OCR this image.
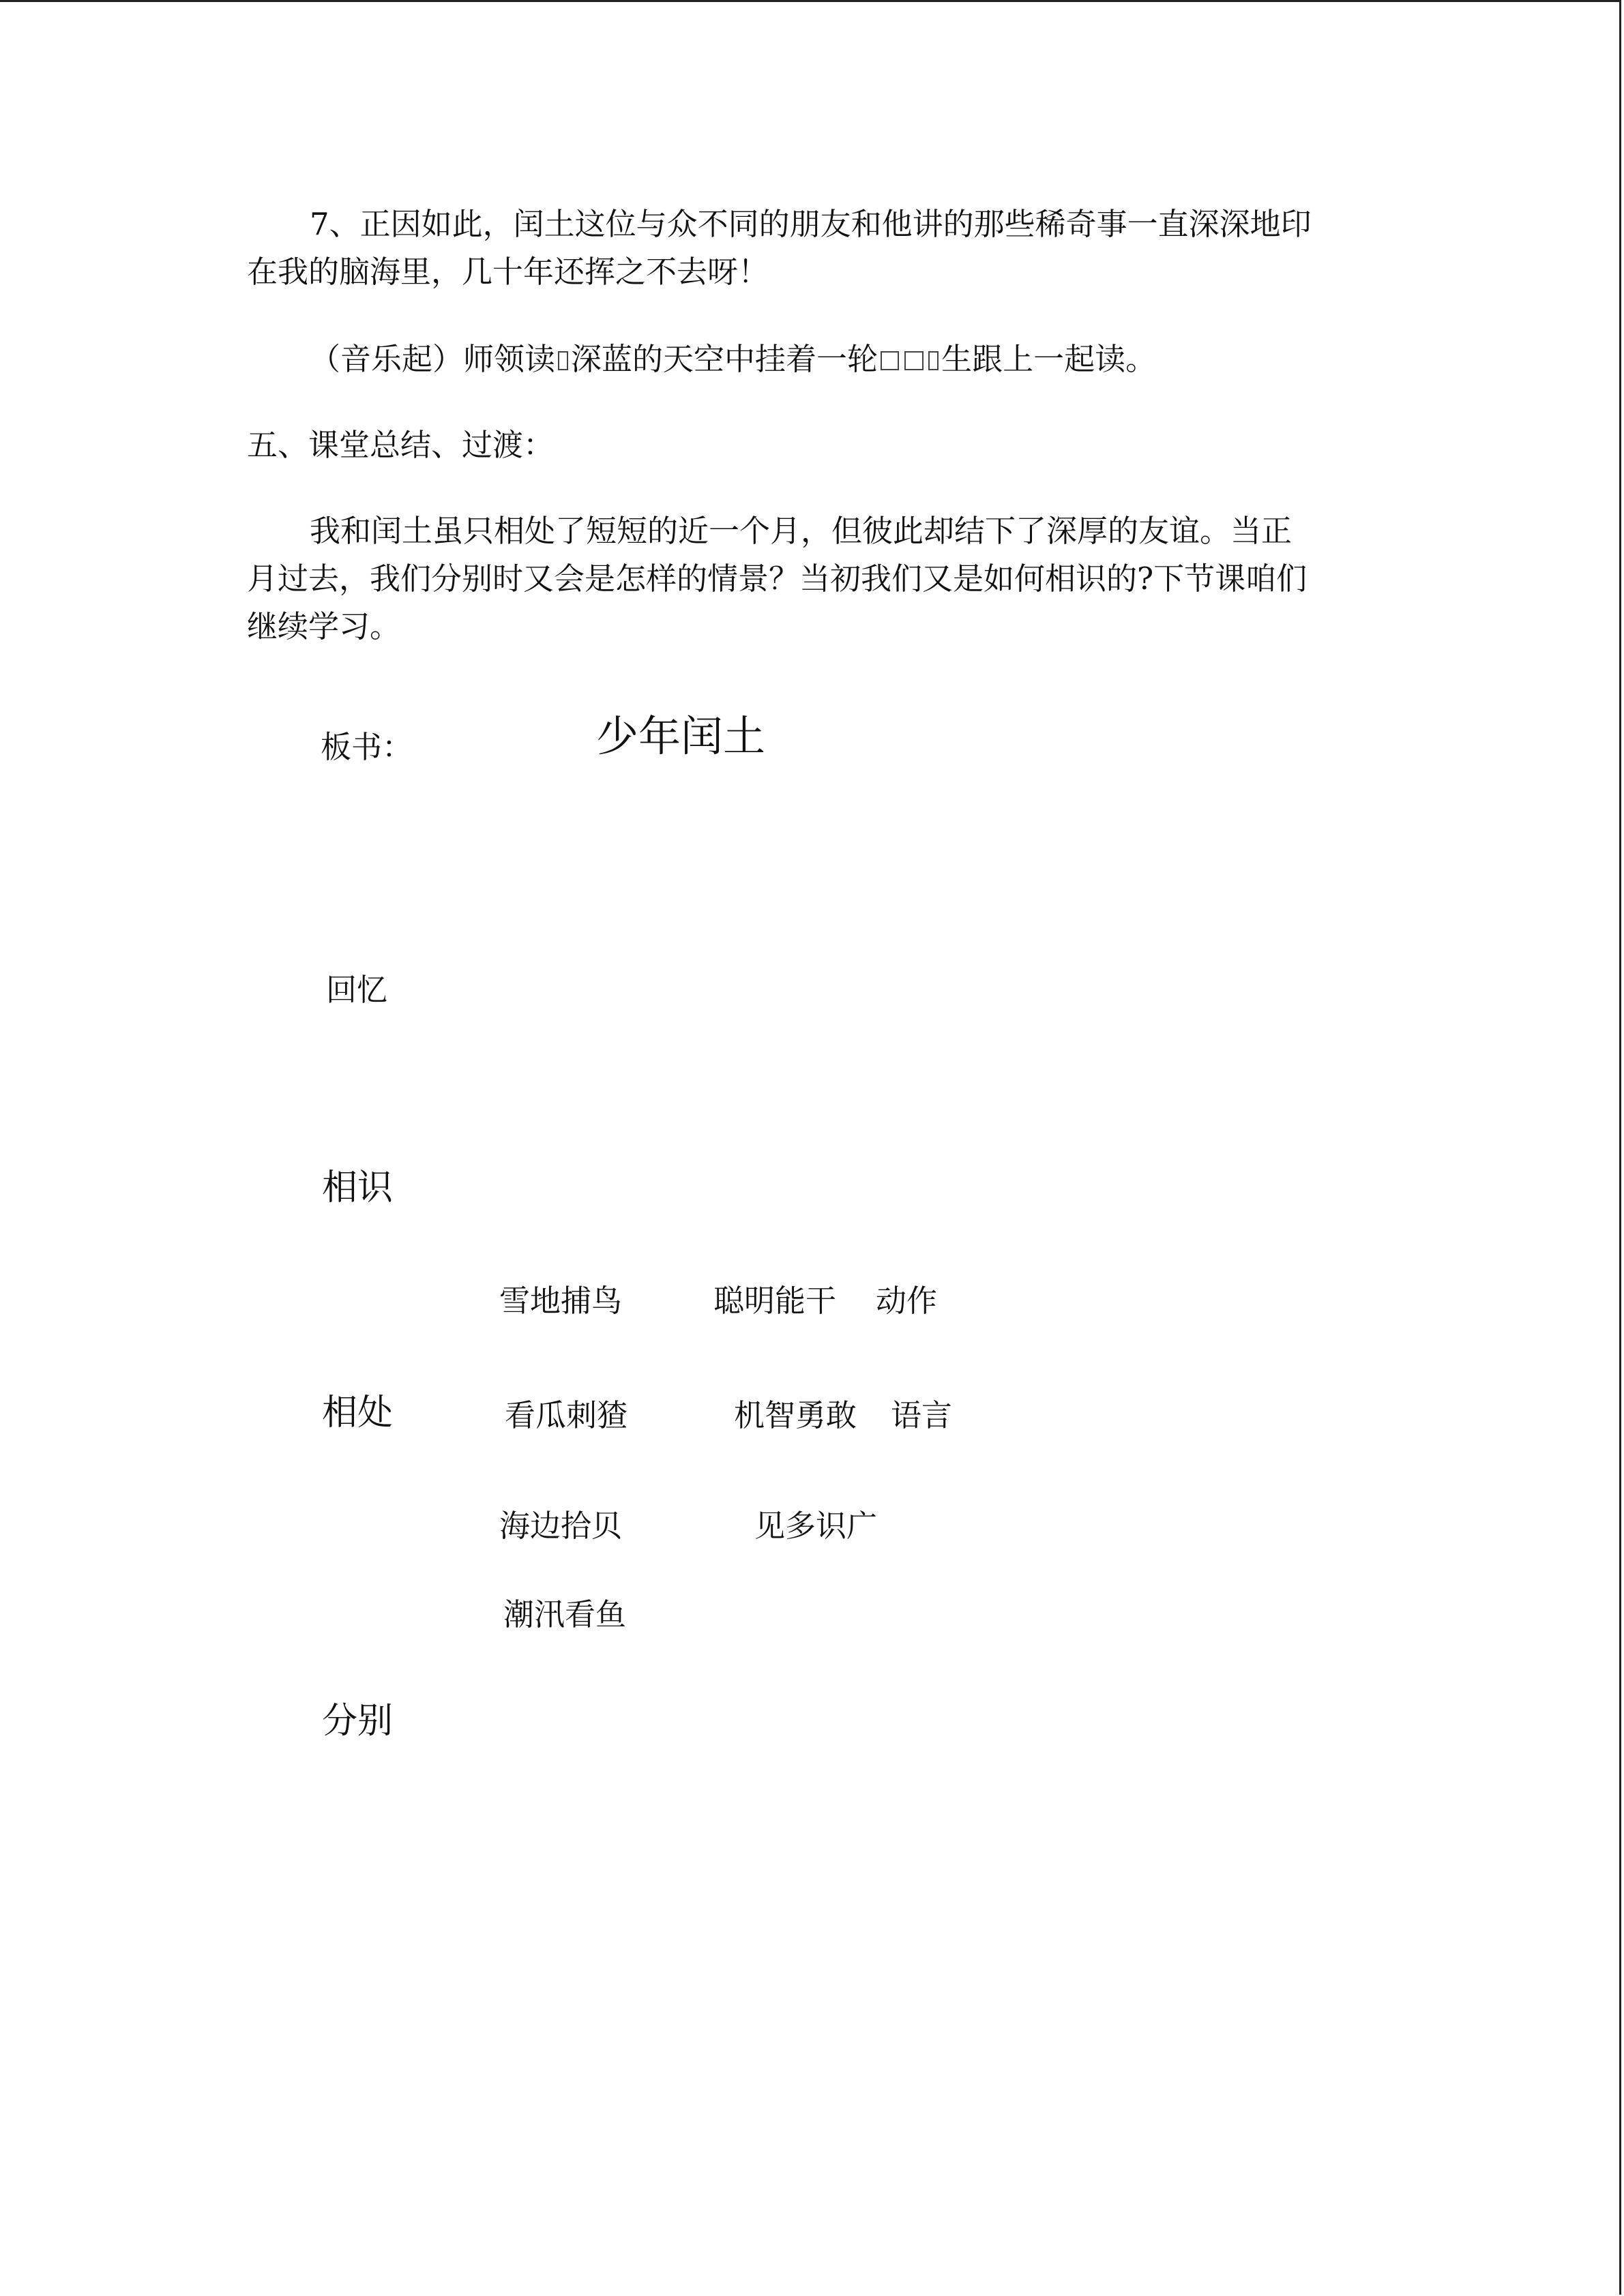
7、正因如此，闰土这位与众不同的朋友和他讲的那些稀奇事一直深深地印

在我的脑海里，几十年还挥之不去呀！

（音乐起）师领读 深蓝的天空中挂着一轮 生跟上一起读。

五、课堂总结、过渡：

我和闰土虽只相处了短短的近一个月，但彼此却结下了深厚的友谊。当正

月过去，我们分别时又会是怎样的情景？当初我们又是如何相识的?下节课咱们

继续学习。

板书：	少年闰土
回忆
相识
雪地捕鸟	聪明能干 动作
相处	看瓜刺猹	机智勇敢 语言
海边拾贝	见多识广
潮汛看鱼
分别
